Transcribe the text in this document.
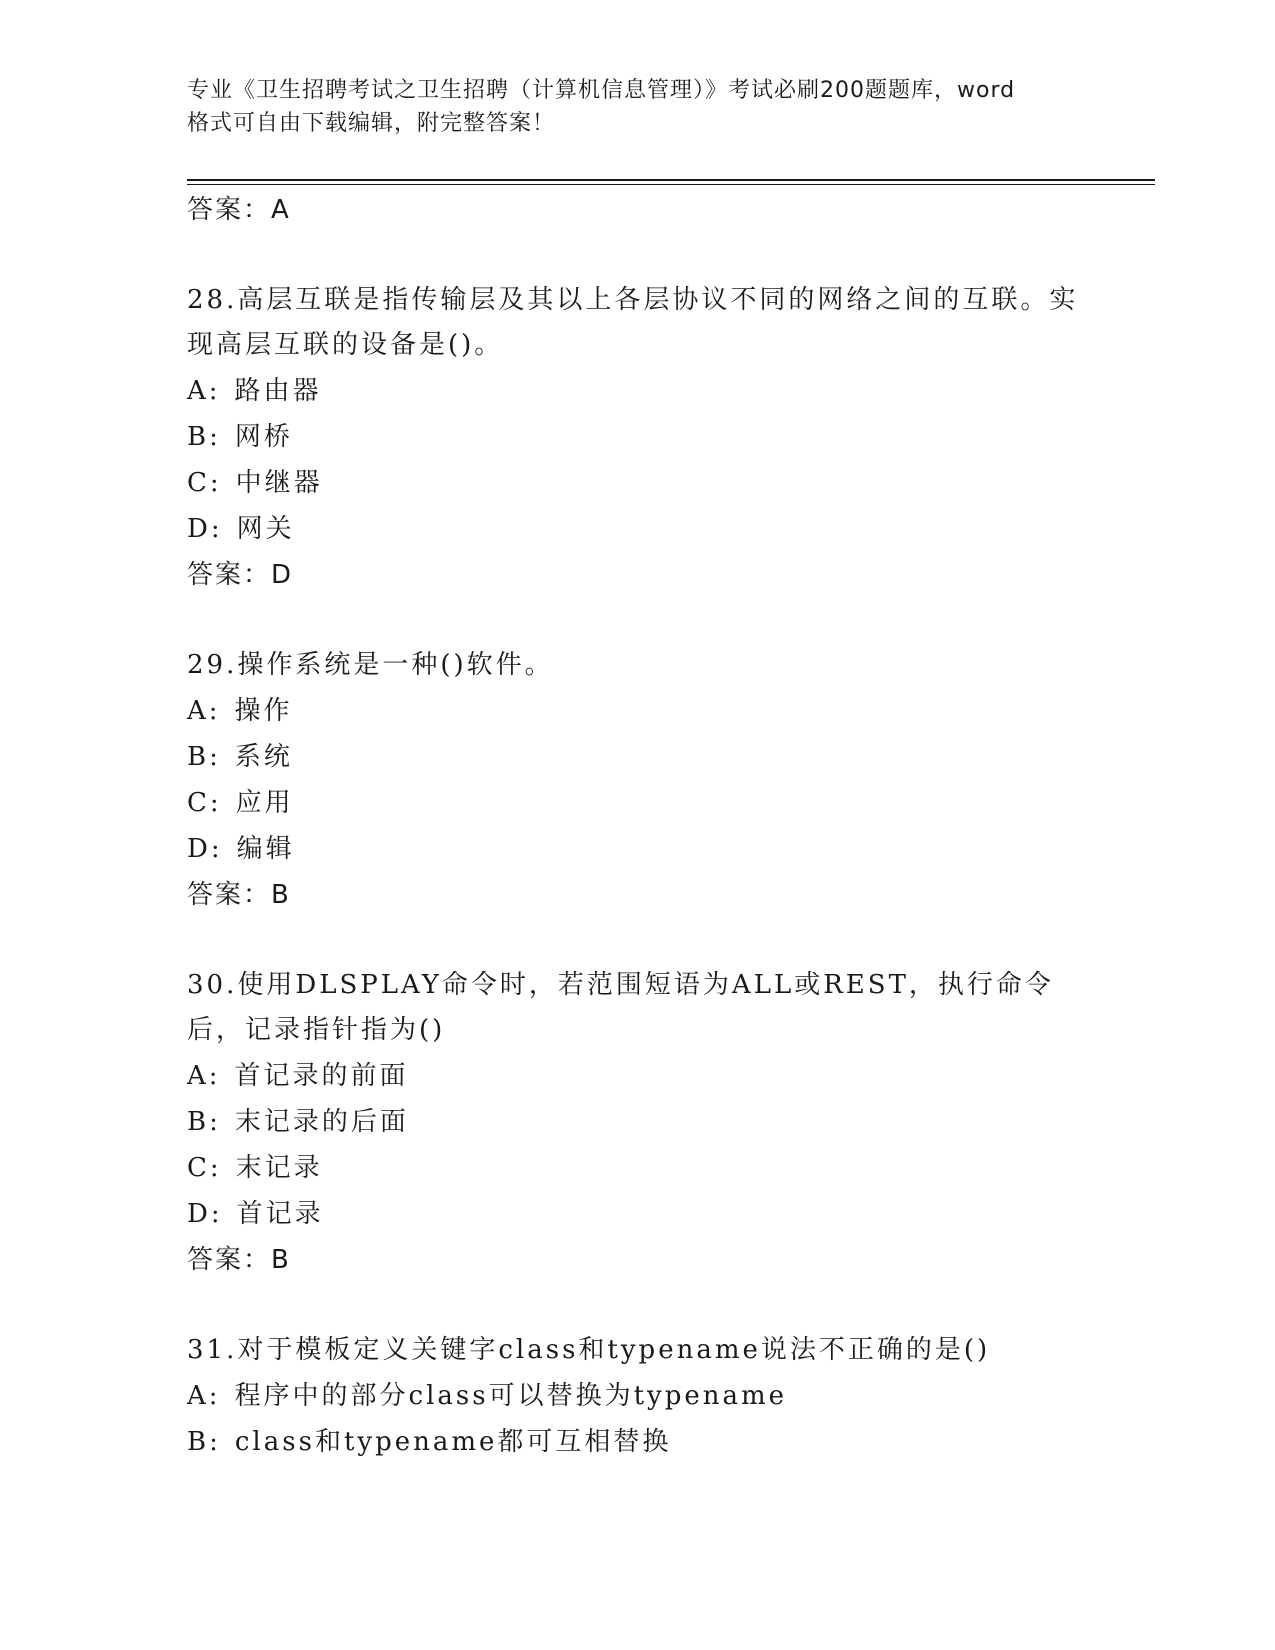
专业《卫生招聘考试之卫生招聘（计算机信息管理）》考试必刷200题题库，word
格式可自由下载编辑，附完整答案！
答案：A
28.高层互联是指传输层及其以上各层协议不同的网络之间的互联。实现高层互联的设备是()。
A: 路由器
B: 网桥
C: 中继器
D: 网关
答案：D
29.操作系统是一种()软件。
A: 操作
B: 系统
C: 应用
D: 编辑
答案：B
30.使用DLSPLAY命令时，若范围短语为ALL或REST，执行命令后，记录指针指为()
A: 首记录的前面
B: 末记录的后面
C: 末记录
D: 首记录
答案：B
31.对于模板定义关键字class和typename说法不正确的是()
A: 程序中的部分class可以替换为typename
B: class和typename都可互相替换
